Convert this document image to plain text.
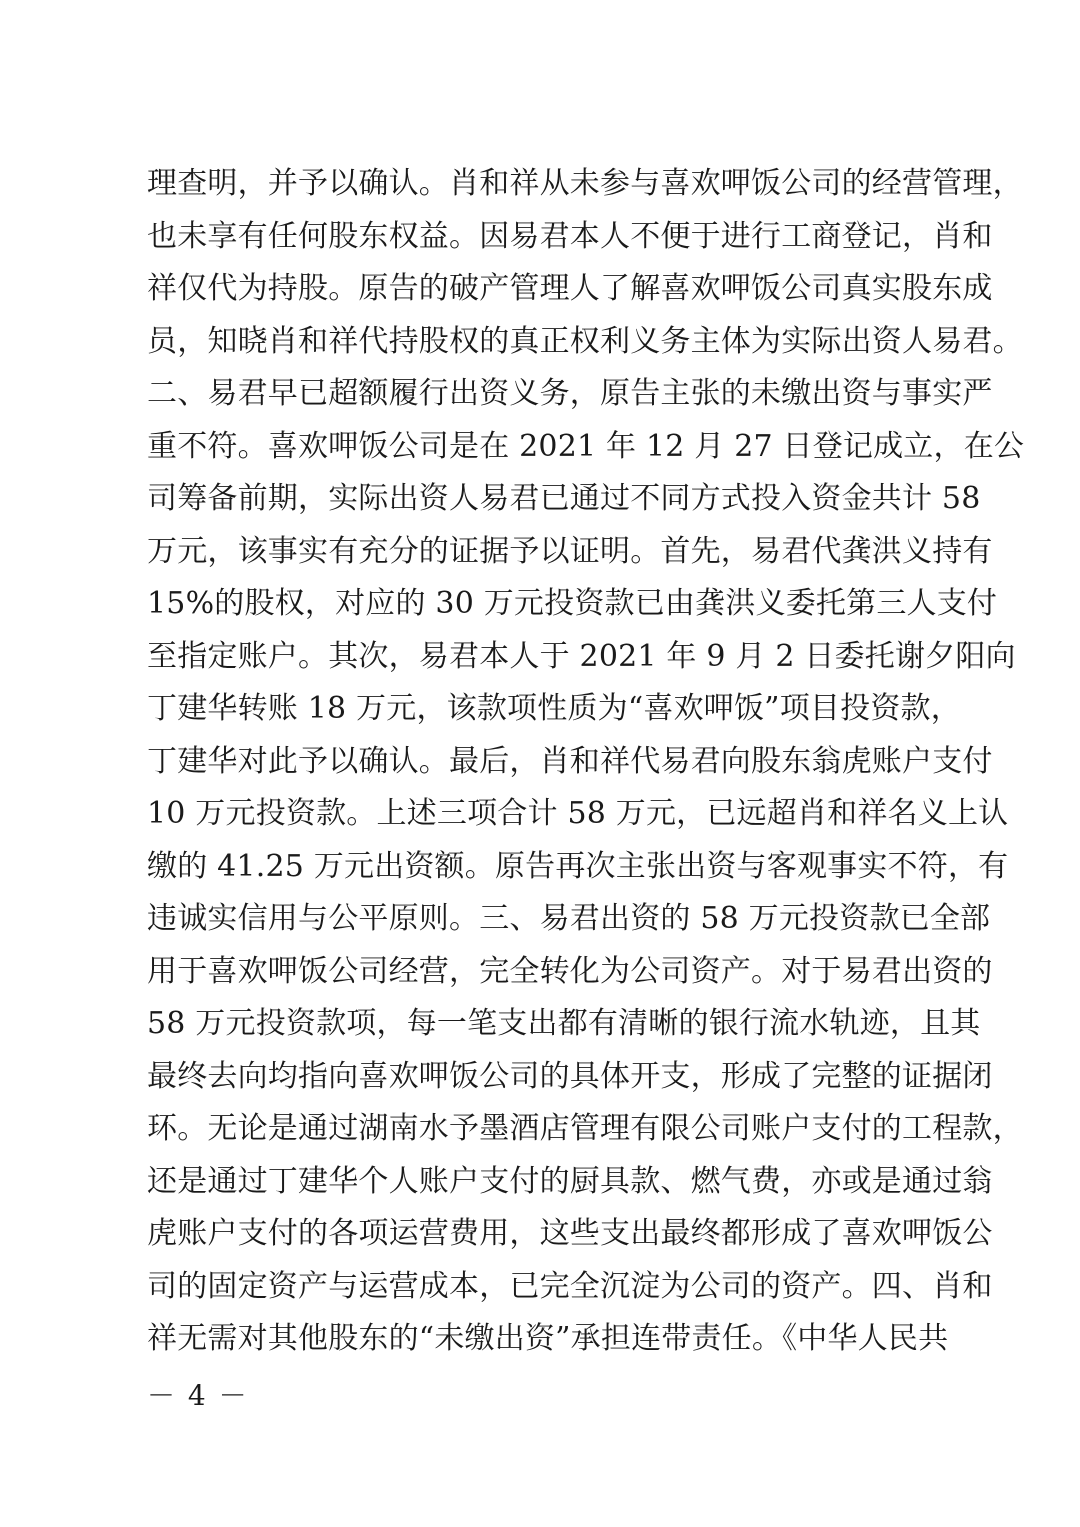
理查明，并予以确认。肖和祥从未参与喜欢呷饭公司的经营管理，
也未享有任何股东权益。因易君本人不便于进行工商登记，肖和
祥仅代为持股。原告的破产管理人了解喜欢呷饭公司真实股东成
员，知晓肖和祥代持股权的真正权利义务主体为实际出资人易君。
二、易君早已超额履行出资义务，原告主张的未缴出资与事实严
重不符。喜欢呷饭公司是在 2021 年 12 月 27 日登记成立，在公
司筹备前期，实际出资人易君已通过不同方式投入资金共计 58
万元，该事实有充分的证据予以证明。首先，易君代龚洪义持有
15%的股权，对应的 30 万元投资款已由龚洪义委托第三人支付
至指定账户。其次，易君本人于 2021 年 9 月 2 日委托谢夕阳向
丁建华转账 18 万元，该款项性质为“喜欢呷饭”项目投资款，
丁建华对此予以确认。最后，肖和祥代易君向股东翁虎账户支付
10 万元投资款。上述三项合计 58 万元，已远超肖和祥名义上认
缴的 41.25 万元出资额。原告再次主张出资与客观事实不符，有
违诚实信用与公平原则。三、易君出资的 58 万元投资款已全部
用于喜欢呷饭公司经营，完全转化为公司资产。对于易君出资的
58 万元投资款项，每一笔支出都有清晰的银行流水轨迹，且其
最终去向均指向喜欢呷饭公司的具体开支，形成了完整的证据闭
环。无论是通过湖南水予墨酒店管理有限公司账户支付的工程款，
还是通过丁建华个人账户支付的厨具款、燃气费，亦或是通过翁
虎账户支付的各项运营费用，这些支出最终都形成了喜欢呷饭公
司的固定资产与运营成本，已完全沉淀为公司的资产。四、肖和
祥无需对其他股东的“未缴出资”承担连带责任。《中华人民共
－ 4 －
